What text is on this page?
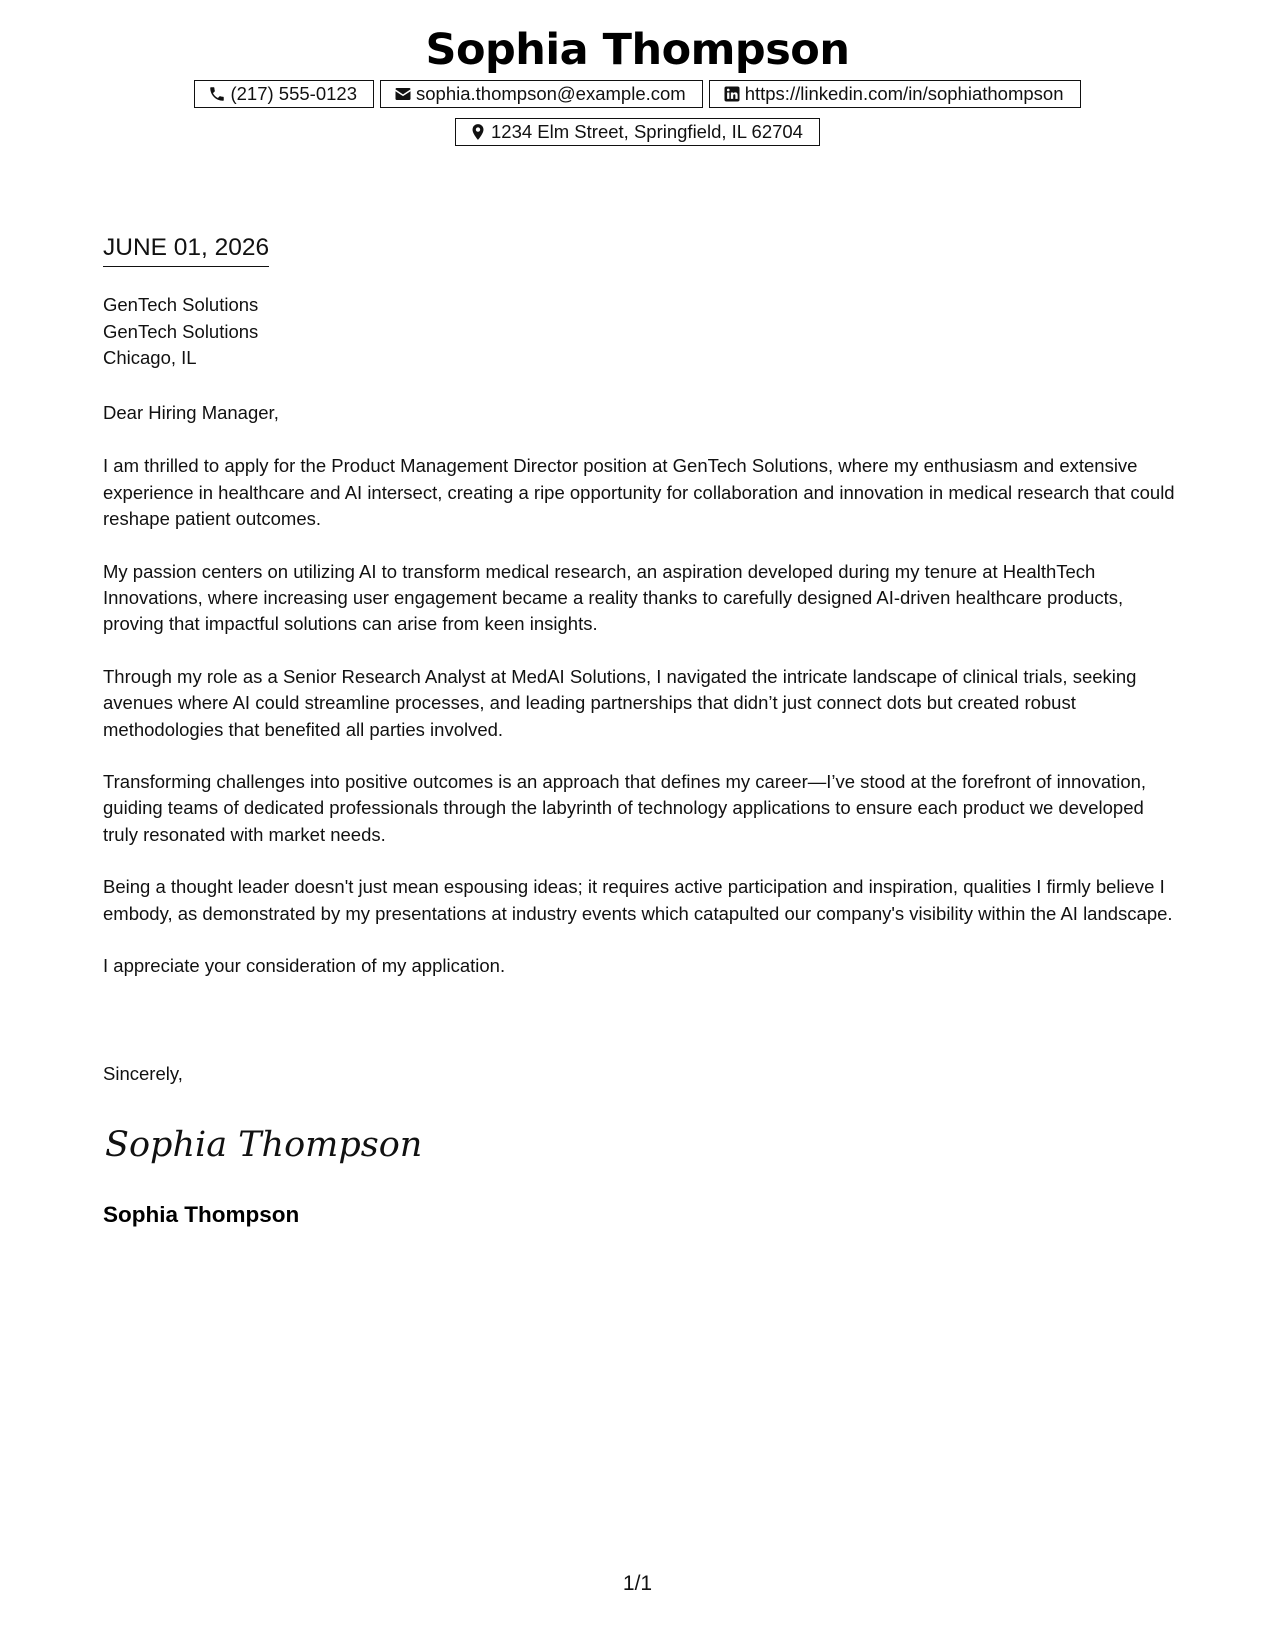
Sophia Thompson
(217) 555-0123	sophia.thompson@example.com	https://linkedin.com/in/sophiathompson
1234 Elm Street, Springfield, IL 62704
JUNE 01, 2026
GenTech Solutions
GenTech Solutions
Chicago, IL

Dear Hiring Manager,

I am thrilled to apply for the Product Management Director position at GenTech Solutions, where my enthusiasm and extensive experience in healthcare and AI intersect, creating a ripe opportunity for collaboration and innovation in medical research that could reshape patient outcomes.

My passion centers on utilizing AI to transform medical research, an aspiration developed during my tenure at HealthTech Innovations, where increasing user engagement became a reality thanks to carefully designed AI-driven healthcare products, proving that impactful solutions can arise from keen insights.

Through my role as a Senior Research Analyst at MedAI Solutions, I navigated the intricate landscape of clinical trials, seeking avenues where AI could streamline processes, and leading partnerships that didn’t just connect dots but created robust methodologies that benefited all parties involved.

Transforming challenges into positive outcomes is an approach that defines my career—I’ve stood at the forefront of innovation, guiding teams of dedicated professionals through the labyrinth of technology applications to ensure each product we developed truly resonated with market needs.

Being a thought leader doesn't just mean espousing ideas; it requires active participation and inspiration, qualities I firmly believe I embody, as demonstrated by my presentations at industry events which catapulted our company's visibility within the AI landscape.

I appreciate your consideration of my application.

Sincerely,
Sophia Thompson
Sophia Thompson
1/1
